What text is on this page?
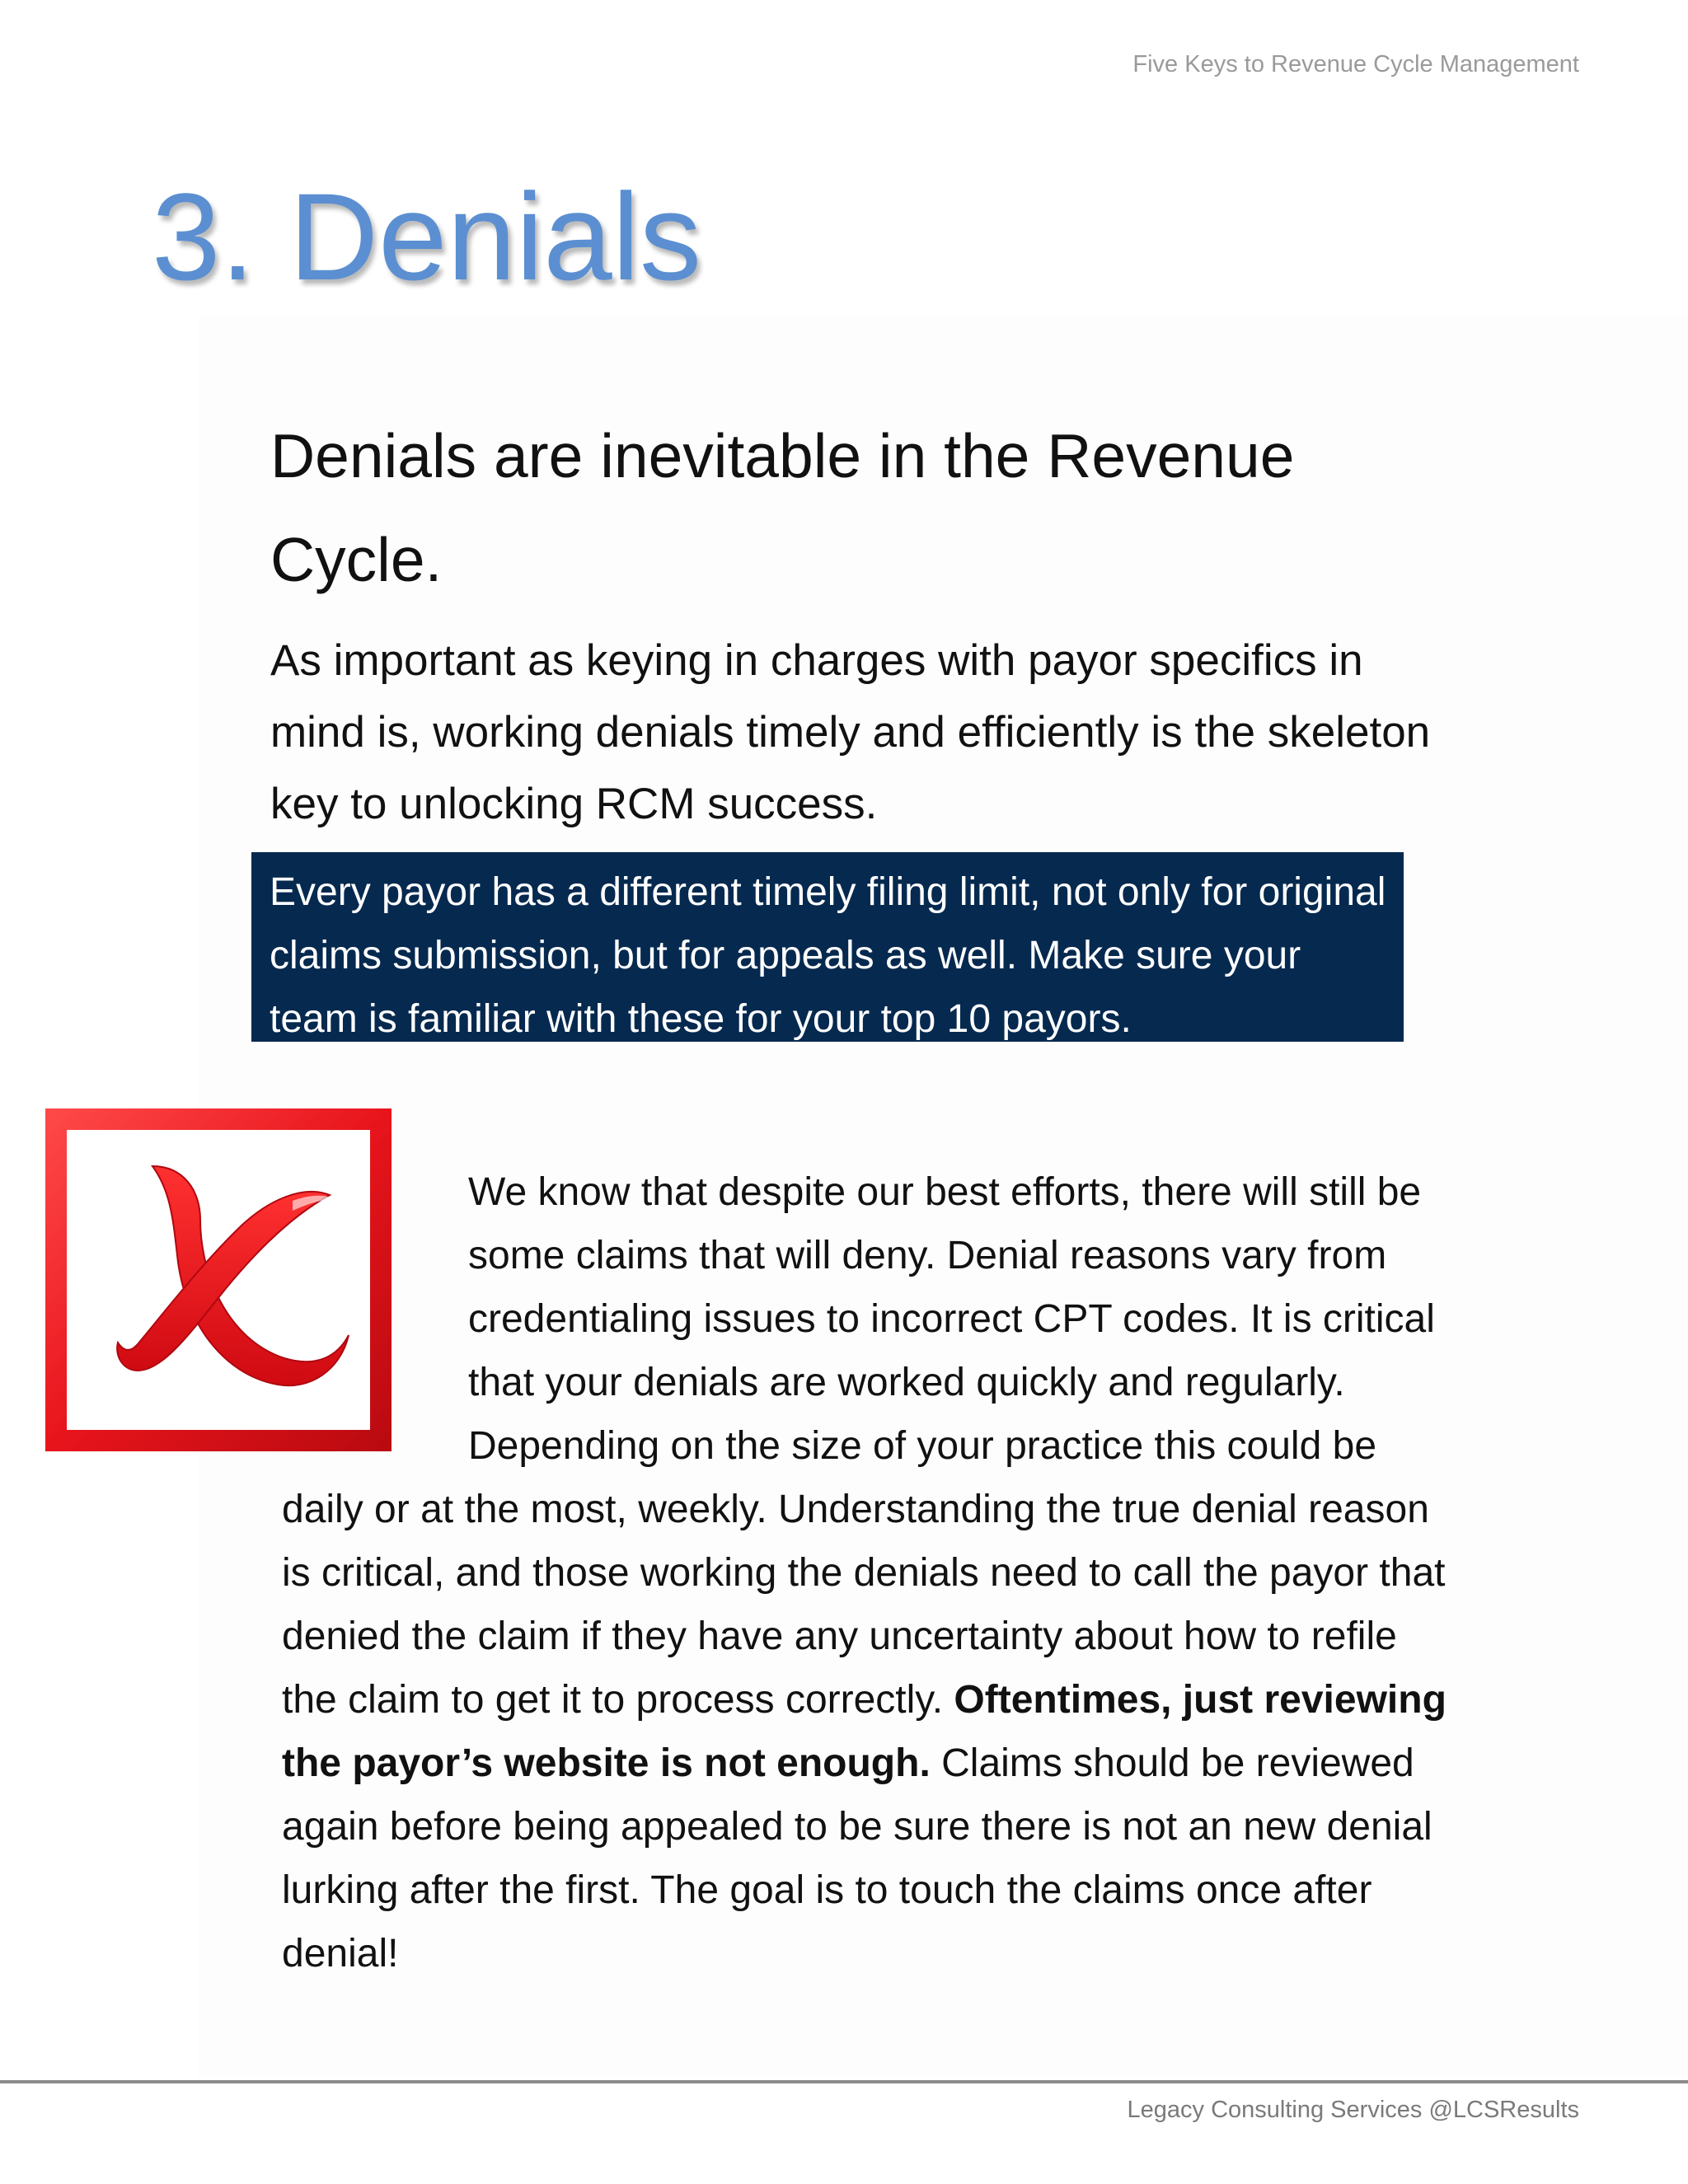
Five Keys to Revenue Cycle Management
3. Denials
Denials are inevitable in the Revenue Cycle.

As important as keying in charges with payor specifics in mind is, working denials timely and efficiently is the skeleton key to unlocking RCM success.

Every payor has a different timely filing limit, not only for original claims submission, but for appeals as well. Make sure your team is familiar with these for your top 10 payors.

We know that despite our best efforts, there will still be some claims that will deny. Denial reasons vary from credentialing issues to incorrect CPT codes. It is critical that your denials are worked quickly and regularly. Depending on the size of your practice this could be daily or at the most, weekly. Understanding the true denial reason is critical, and those working the denials need to call the payor that denied the claim if they have any uncertainty about how to refile the claim to get it to process correctly. Oftentimes, just reviewing the payor’s website is not enough. Claims should be reviewed again before being appealed to be sure there is not an new denial lurking after the first. The goal is to touch the claims once after denial!

Legacy Consulting Services @LCSResults
